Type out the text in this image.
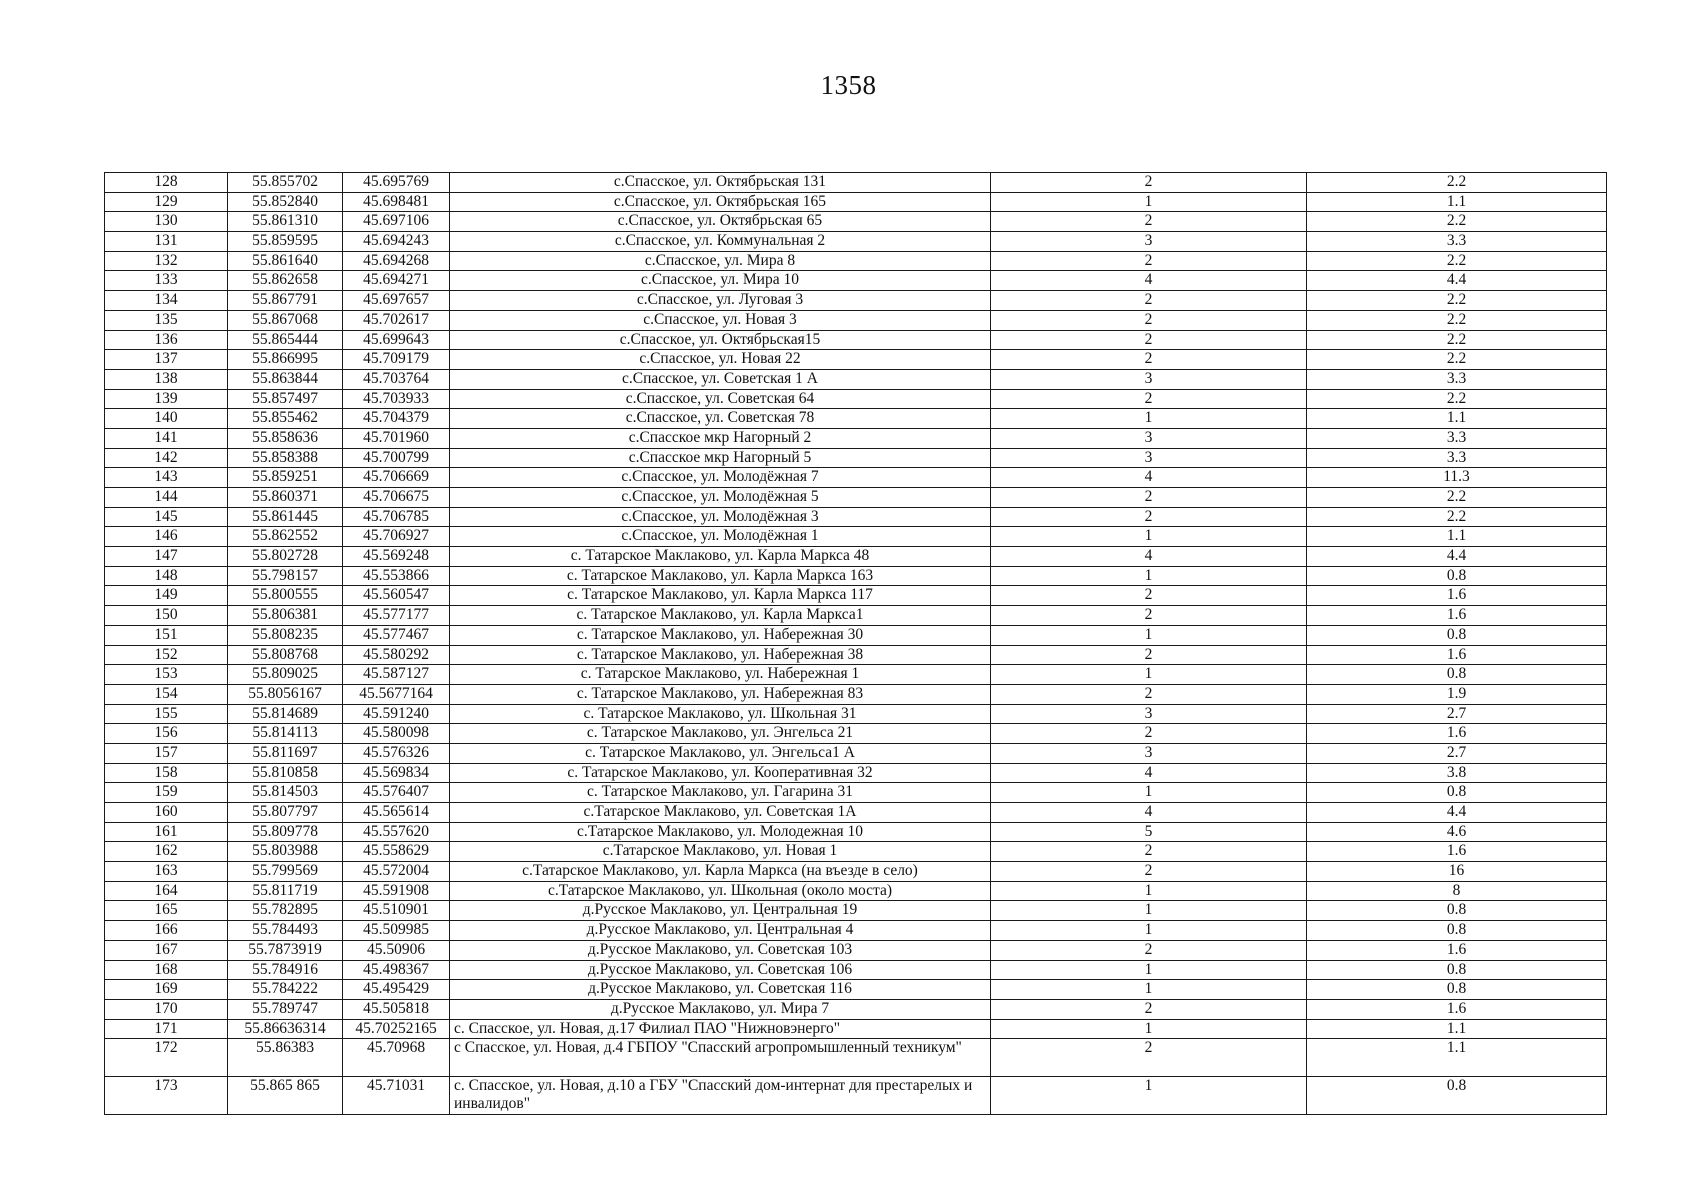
1358
128	55.855702	45.695769	с.Спасское, ул. Октябрьская 131	2	2.2
129	55.852840	45.698481	с.Спасское, ул. Октябрьская 165	1	1.1
130	55.861310	45.697106	с.Спасское, ул. Октябрьская 65	2	2.2
131	55.859595	45.694243	с.Спасское, ул. Коммунальная 2	3	3.3
132	55.861640	45.694268	с.Спасское, ул. Мира 8	2	2.2
133	55.862658	45.694271	с.Спасское, ул. Мира 10	4	4.4
134	55.867791	45.697657	с.Спасское, ул. Луговая 3	2	2.2
135	55.867068	45.702617	с.Спасское, ул. Новая 3	2	2.2
136	55.865444	45.699643	с.Спасское, ул. Октябрьская15	2	2.2
137	55.866995	45.709179	с.Спасское, ул. Новая 22	2	2.2
138	55.863844	45.703764	с.Спасское, ул. Советская 1 А	3	3.3
139	55.857497	45.703933	с.Спасское, ул. Советская 64	2	2.2
140	55.855462	45.704379	с.Спасское, ул. Советская 78	1	1.1
141	55.858636	45.701960	с.Спасское мкр Нагорный 2	3	3.3
142	55.858388	45.700799	с.Спасское мкр Нагорный 5	3	3.3
143	55.859251	45.706669	с.Спасское, ул. Молодёжная 7	4	11.3
144	55.860371	45.706675	с.Спасское, ул. Молодёжная 5	2	2.2
145	55.861445	45.706785	с.Спасское, ул. Молодёжная 3	2	2.2
146	55.862552	45.706927	с.Спасское, ул. Молодёжная 1	1	1.1
147	55.802728	45.569248	с. Татарское Маклаково, ул. Карла Маркса 48	4	4.4
148	55.798157	45.553866	с. Татарское Маклаково, ул. Карла Маркса 163	1	0.8
149	55.800555	45.560547	с. Татарское Маклаково, ул. Карла Маркса 117	2	1.6
150	55.806381	45.577177	с. Татарское Маклаково, ул. Карла Маркса1	2	1.6
151	55.808235	45.577467	с. Татарское Маклаково, ул. Набережная 30	1	0.8
152	55.808768	45.580292	с. Татарское Маклаково, ул. Набережная 38	2	1.6
153	55.809025	45.587127	с. Татарское Маклаково, ул. Набережная 1	1	0.8
154	55.8056167	45.5677164	с. Татарское Маклаково, ул. Набережная 83	2	1.9
155	55.814689	45.591240	с. Татарское Маклаково, ул. Школьная 31	3	2.7
156	55.814113	45.580098	с. Татарское Маклаково, ул. Энгельса 21	2	1.6
157	55.811697	45.576326	с. Татарское Маклаково, ул. Энгельса1 А	3	2.7
158	55.810858	45.569834	с. Татарское Маклаково, ул. Кооперативная 32	4	3.8
159	55.814503	45.576407	с. Татарское Маклаково, ул. Гагарина 31	1	0.8
160	55.807797	45.565614	с.Татарское Маклаково, ул. Советская 1А	4	4.4
161	55.809778	45.557620	с.Татарское Маклаково, ул. Молодежная 10	5	4.6
162	55.803988	45.558629	с.Татарское Маклаково, ул. Новая 1	2	1.6
163	55.799569	45.572004	с.Татарское Маклаково, ул. Карла Маркса (на въезде в село)	2	16
164	55.811719	45.591908	с.Татарское Маклаково, ул. Школьная (около моста)	1	8
165	55.782895	45.510901	д.Русское Маклаково, ул. Центральная 19	1	0.8
166	55.784493	45.509985	д.Русское Маклаково, ул. Центральная 4	1	0.8
167	55.7873919	45.50906	д.Русское Маклаково, ул. Советская 103	2	1.6
168	55.784916	45.498367	д.Русское Маклаково, ул. Советская 106	1	0.8
169	55.784222	45.495429	д.Русское Маклаково, ул. Советская 116	1	0.8
170	55.789747	45.505818	д.Русское Маклаково, ул. Мира 7	2	1.6
171	55.86636314	45.70252165	с. Спасское, ул. Новая, д.17 Филиал ПАО "Нижновэнерго"	1	1.1
172	55.86383	45.70968	с Спасское, ул. Новая, д.4 ГБПОУ "Спасский агропромышленный техникум"	2	1.1
173	55.865 865	45.71031	с. Спасское, ул. Новая, д.10 а ГБУ "Спасский дом-интернат для престарелых и инвалидов"	1	0.8
